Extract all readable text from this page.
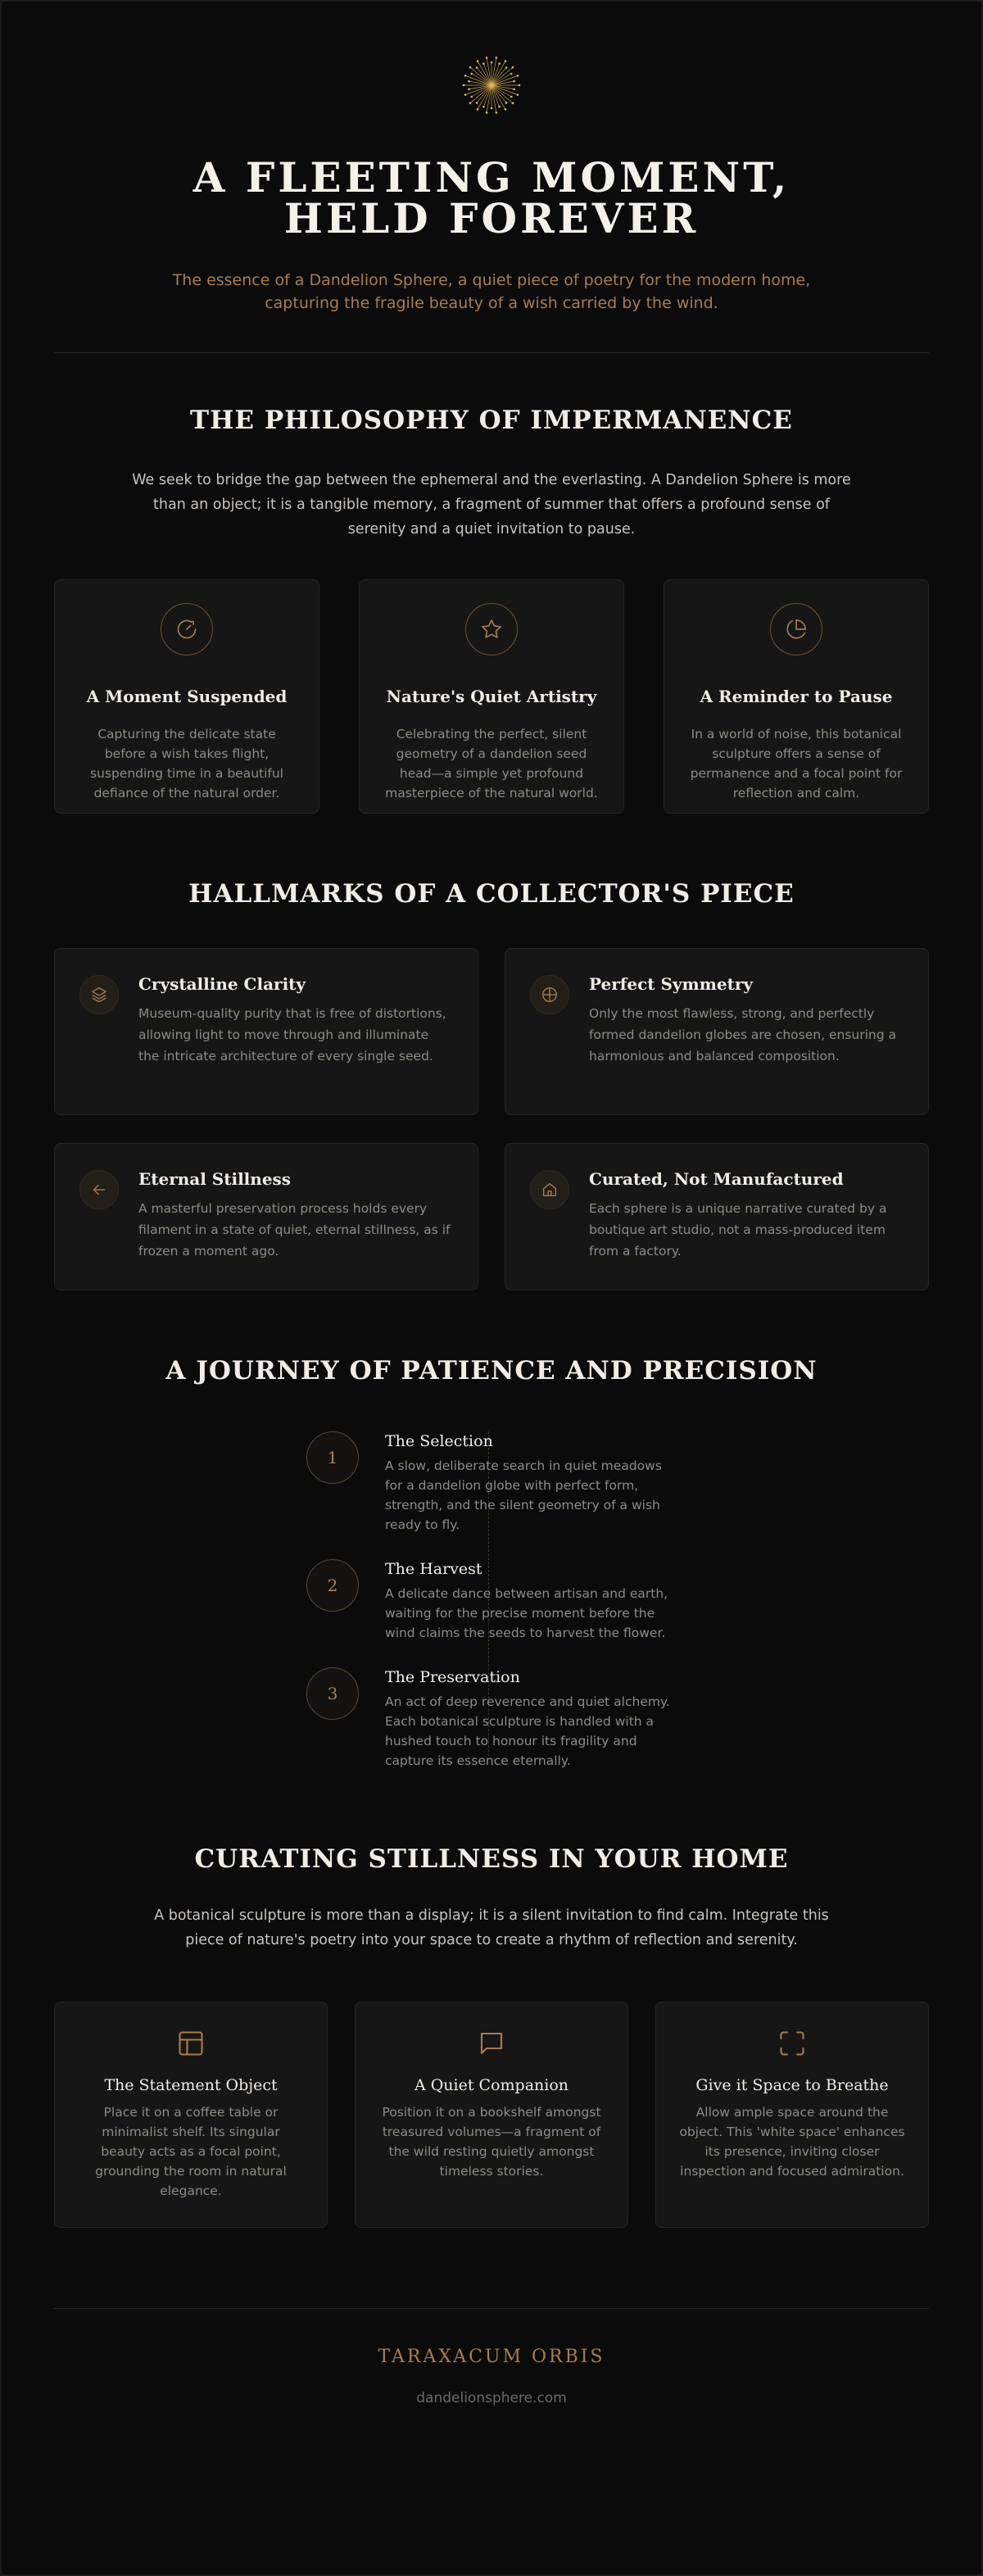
A FLEETING MOMENT, HELD FOREVER

The essence of a Dandelion Sphere, a quiet piece of poetry for the modern home, capturing the fragile beauty of a wish carried by the wind.

THE PHILOSOPHY OF IMPERMANENCE

We seek to bridge the gap between the ephemeral and the everlasting. A Dandelion Sphere is more than an object; it is a tangible memory, a fragment of summer that offers a profound sense of serenity and a quiet invitation to pause.

A Moment Suspended

Capturing the delicate state before a wish takes flight, suspending time in a beautiful defiance of the natural order.

Nature's Quiet Artistry

Celebrating the perfect, silent geometry of a dandelion seed head—a simple yet profound masterpiece of the natural world.

A Reminder to Pause

In a world of noise, this botanical sculpture offers a sense of permanence and a focal point for reflection and calm.

HALLMARKS OF A COLLECTOR'S PIECE
Crystalline Clarity

Museum-quality purity that is free of distortions, allowing light to move through and illuminate the intricate architecture of every single seed.

Perfect Symmetry

Only the most flawless, strong, and perfectly formed dandelion globes are chosen, ensuring a harmonious and balanced composition.

Eternal Stillness

A masterful preservation process holds every filament in a state of quiet, eternal stillness, as if frozen a moment ago.

Curated, Not Manufactured

Each sphere is a unique narrative curated by a boutique art studio, not a mass-produced item from a factory.

A JOURNEY OF PATIENCE AND PRECISION
1
The Selection

A slow, deliberate search in quiet meadows for a dandelion globe with perfect form, strength, and the silent geometry of a wish ready to fly.

2
The Harvest

A delicate dance between artisan and earth, waiting for the precise moment before the wind claims the seeds to harvest the flower.

3
The Preservation

An act of deep reverence and quiet alchemy. Each botanical sculpture is handled with a hushed touch to honour its fragility and capture its essence eternally.

CURATING STILLNESS IN YOUR HOME

A botanical sculpture is more than a display; it is a silent invitation to find calm. Integrate this piece of nature's poetry into your space to create a rhythm of reflection and serenity.

The Statement Object

Place it on a coffee table or minimalist shelf. Its singular beauty acts as a focal point, grounding the room in natural elegance.

A Quiet Companion

Position it on a bookshelf amongst treasured volumes—a fragment of the wild resting quietly amongst timeless stories.

Give it Space to Breathe

Allow ample space around the object. This 'white space' enhances its presence, inviting closer inspection and focused admiration.

TARAXACUM ORBIS
dandelionsphere.com
